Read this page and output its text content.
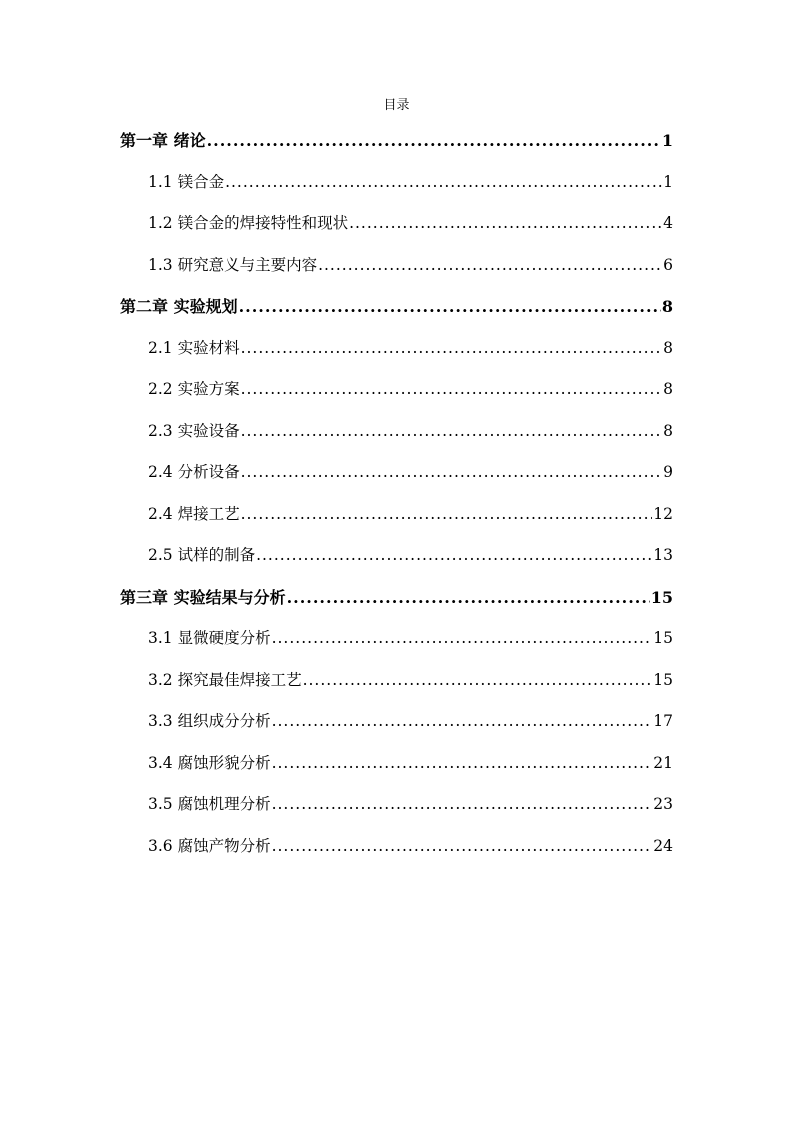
目录
第一章 绪论 .....	1
1.1 镁合金 .....	1
1.2 镁合金的焊接特性和现状 .....	4
1.3 研究意义与主要内容 .....	6
第二章 实验规划 .....	8
2.1 实验材料 .....	8
2.2 实验方案 .....	8
2.3 实验设备 .....	8
2.4 分析设备 .....	9
2.4 焊接工艺 .....	12
2.5 试样的制备 .....	13
第三章 实验结果与分析 .....	15
3.1 显微硬度分析 .....	15
3.2 探究最佳焊接工艺 .....	15
3.3 组织成分分析 .....	17
3.4 腐蚀形貌分析 .....	21
3.5 腐蚀机理分析 .....	23
3.6 腐蚀产物分析 .....	24
